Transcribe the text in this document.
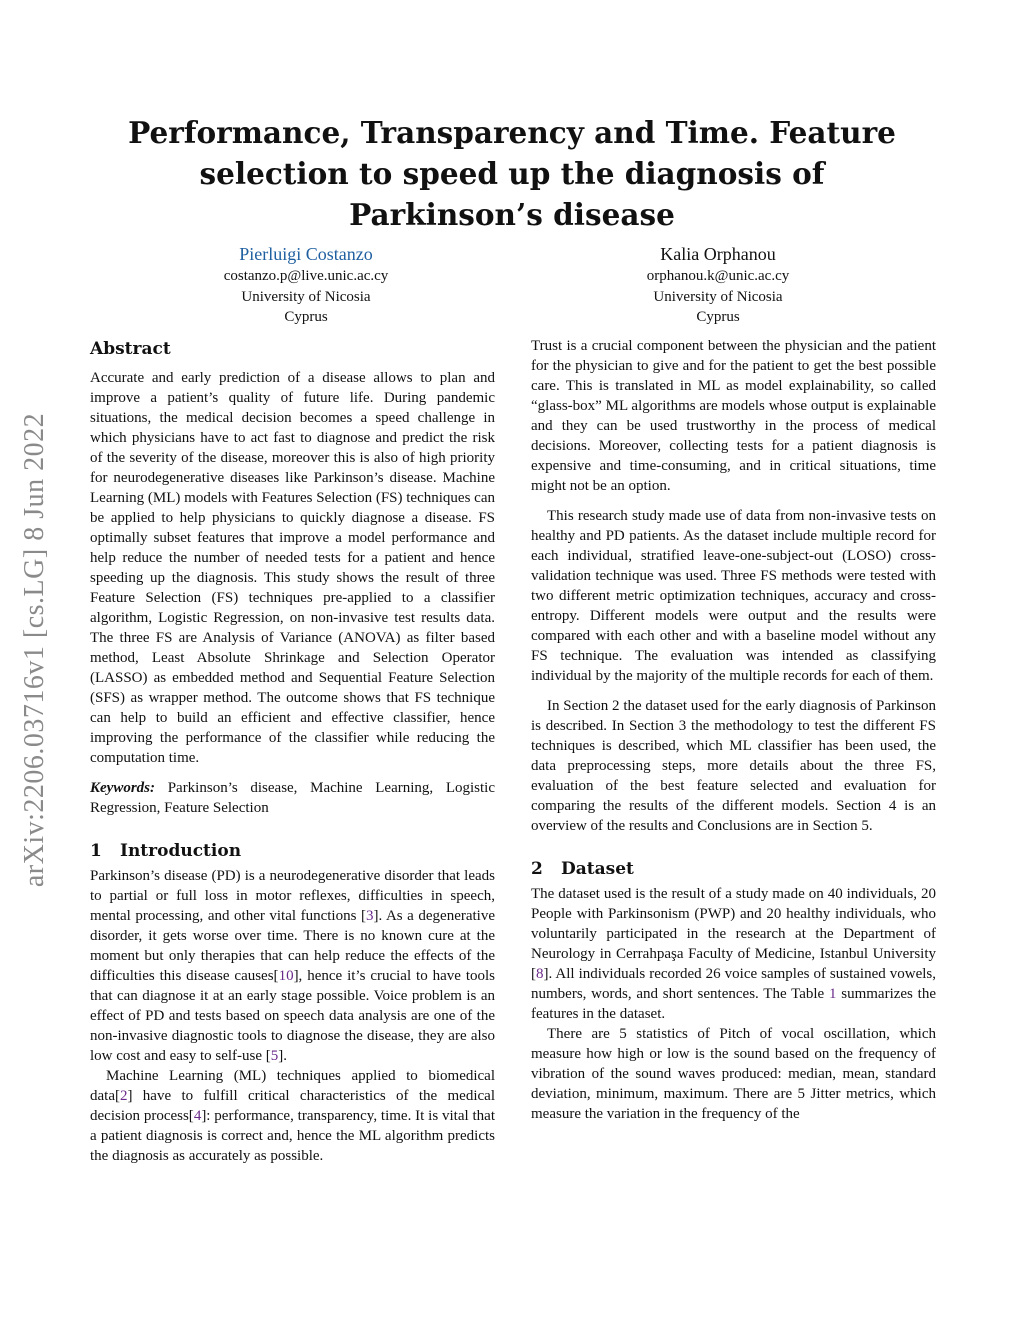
arXiv:2206.03716v1 [cs.LG] 8 Jun 2022
Performance, Transparency and Time. Feature selection to speed up the diagnosis of Parkinson’s disease
Pierluigi Costanzo
costanzo.p@live.unic.ac.cy
University of Nicosia
Cyprus
Kalia Orphanou
orphanou.k@unic.ac.cy
University of Nicosia
Cyprus
Abstract

Accurate and early prediction of a disease allows to plan and improve a patient’s quality of future life. During pandemic situations, the medical decision becomes a speed challenge in which physicians have to act fast to diagnose and predict the risk of the severity of the disease, moreover this is also of high priority for neurodegenerative diseases like Parkinson’s disease. Machine Learning (ML) models with Features Selection (FS) techniques can be applied to help physicians to quickly diagnose a disease. FS optimally subset features that improve a model performance and help reduce the number of needed tests for a patient and hence speeding up the diagnosis. This study shows the result of three Feature Selection (FS) techniques pre-applied to a classifier algorithm, Logistic Regression, on non-invasive test results data. The three FS are Analysis of Variance (ANOVA) as filter based method, Least Absolute Shrinkage and Selection Operator (LASSO) as embedded method and Sequential Feature Selection (SFS) as wrapper method. The outcome shows that FS technique can help to build an efficient and effective classifier, hence improving the performance of the classifier while reducing the computation time.

Keywords: Parkinson’s disease, Machine Learning, Logistic Regression, Feature Selection

1 Introduction

Parkinson’s disease (PD) is a neurodegenerative disorder that leads to partial or full loss in motor reflexes, difficulties in speech, mental processing, and other vital functions [3]. As a degenerative disorder, it gets worse over time. There is no known cure at the moment but only therapies that can help reduce the effects of the difficulties this disease causes[10], hence it’s crucial to have tools that can diagnose it at an early stage possible. Voice problem is an effect of PD and tests based on speech data analysis are one of the non-invasive diagnostic tools to diagnose the disease, they are also low cost and easy to self-use [5].

Machine Learning (ML) techniques applied to biomedical data[2] have to fulfill critical characteristics of the medical decision process[4]: performance, transparency, time. It is vital that a patient diagnosis is correct and, hence the ML algorithm predicts the diagnosis as accurately as possible.

Trust is a crucial component between the physician and the patient for the physician to give and for the patient to get the best possible care. This is translated in ML as model explainability, so called “glass-box” ML algorithms are models whose output is explainable and they can be used trustworthy in the process of medical decisions. Moreover, collecting tests for a patient diagnosis is expensive and time-consuming, and in critical situations, time might not be an option.

This research study made use of data from non-invasive tests on healthy and PD patients. As the dataset include multiple record for each individual, stratified leave-one-subject-out (LOSO) cross-validation technique was used. Three FS methods were tested with two different metric optimization techniques, accuracy and cross-entropy. Different models were output and the results were compared with each other and with a baseline model without any FS technique. The evaluation was intended as classifying individual by the majority of the multiple records for each of them.

In Section 2 the dataset used for the early diagnosis of Parkinson is described. In Section 3 the methodology to test the different FS techniques is described, which ML classifier has been used, the data preprocessing steps, more details about the three FS, evaluation of the best feature selected and evaluation for comparing the results of the different models. Section 4 is an overview of the results and Conclusions are in Section 5.

2 Dataset

The dataset used is the result of a study made on 40 individuals, 20 People with Parkinsonism (PWP) and 20 healthy individuals, who voluntarily participated in the research at the Department of Neurology in Cerrahpaşa Faculty of Medicine, Istanbul University [8]. All individuals recorded 26 voice samples of sustained vowels, numbers, words, and short sentences. The Table 1 summarizes the features in the dataset.

There are 5 statistics of Pitch of vocal oscillation, which measure how high or low is the sound based on the frequency of vibration of the sound waves produced: median, mean, standard deviation, minimum, maximum. There are 5 Jitter metrics, which measure the variation in the frequency of the
